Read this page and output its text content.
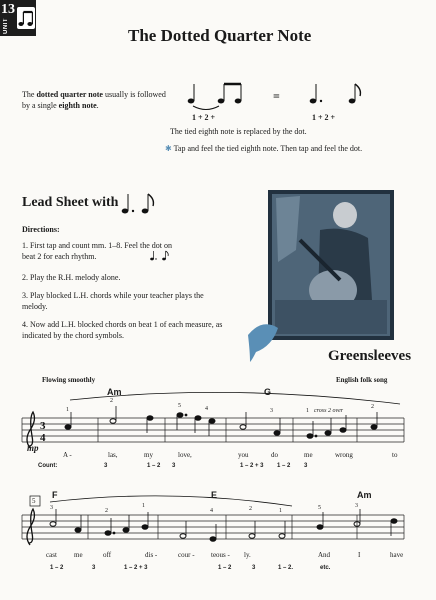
13
UNIT	The Dotted Quarter Note
The dotted quarter note usually is followed by a single eighth note.
3
4
1 + 2 +
=
1 + 2 +
The tied eighth note is replaced by the dot.
✱ Tap and feel the tied eighth note. Then tap and feel the dot.
Lead Sheet with
Directions:
1. First tap and count mm. 1–8. Feel the dot on beat 2 for each rhythm.
2. Play the R.H. melody alone.
3. Play blocked L.H. chords while your teacher plays the melody.
4. Now add L.H. blocked chords on beat 1 of each measure, as indicated by the chord symbols.
Greensleeves
English folk song
Flowing smoothly
Am	G
cross 2 over
mp
1
2
5	4	3	1
2
A -	las,	my	love,	you	do	me	wrong	to
Count:	3	1 – 2 3	1 – 2 + 3 1 – 2 3
5
F	E	Am
3	2
1
4	2	1	5	3
cast me	off	dis -	cour - teous - ly.	And	I	have
1 – 2	3	1 – 2 + 3	1 – 2	3	1 – 2.	etc.
